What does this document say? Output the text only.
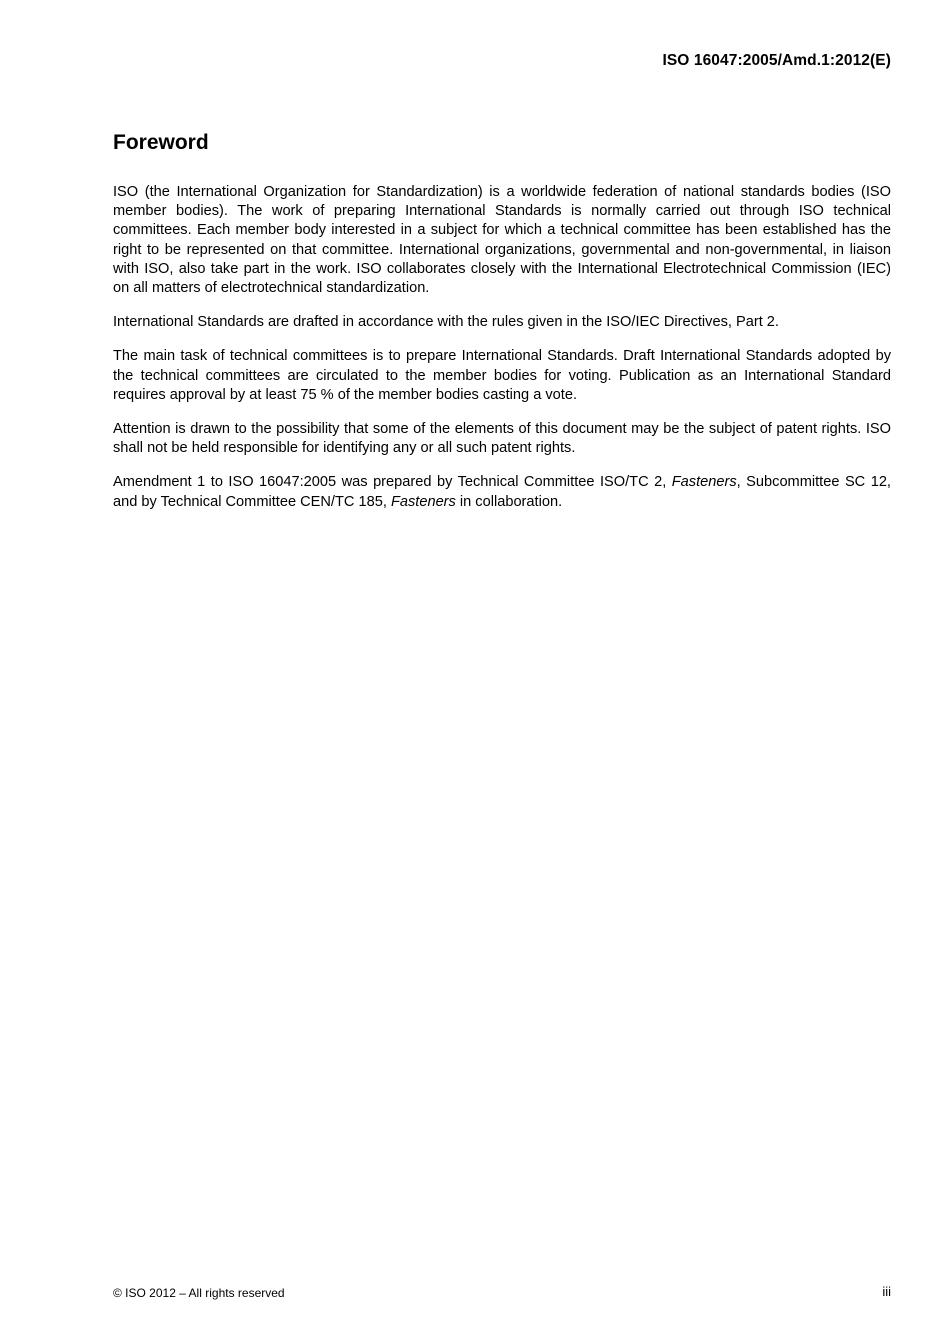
ISO 16047:2005/Amd.1:2012(E)
Foreword

ISO (the International Organization for Standardization) is a worldwide federation of national standards bodies (ISO member bodies). The work of preparing International Standards is normally carried out through ISO technical committees. Each member body interested in a subject for which a technical committee has been established has the right to be represented on that committee. International organizations, governmental and non-governmental, in liaison with ISO, also take part in the work. ISO collaborates closely with the International Electrotechnical Commission (IEC) on all matters of electrotechnical standardization.

International Standards are drafted in accordance with the rules given in the ISO/IEC Directives, Part 2.

The main task of technical committees is to prepare International Standards. Draft International Standards adopted by the technical committees are circulated to the member bodies for voting. Publication as an International Standard requires approval by at least 75 % of the member bodies casting a vote.

Attention is drawn to the possibility that some of the elements of this document may be the subject of patent rights. ISO shall not be held responsible for identifying any or all such patent rights.

Amendment 1 to ISO 16047:2005 was prepared by Technical Committee ISO/TC 2, Fasteners, Subcommittee SC 12, and by Technical Committee CEN/TC 185, Fasteners in collaboration.

© ISO 2012 – All rights reserved	iii
